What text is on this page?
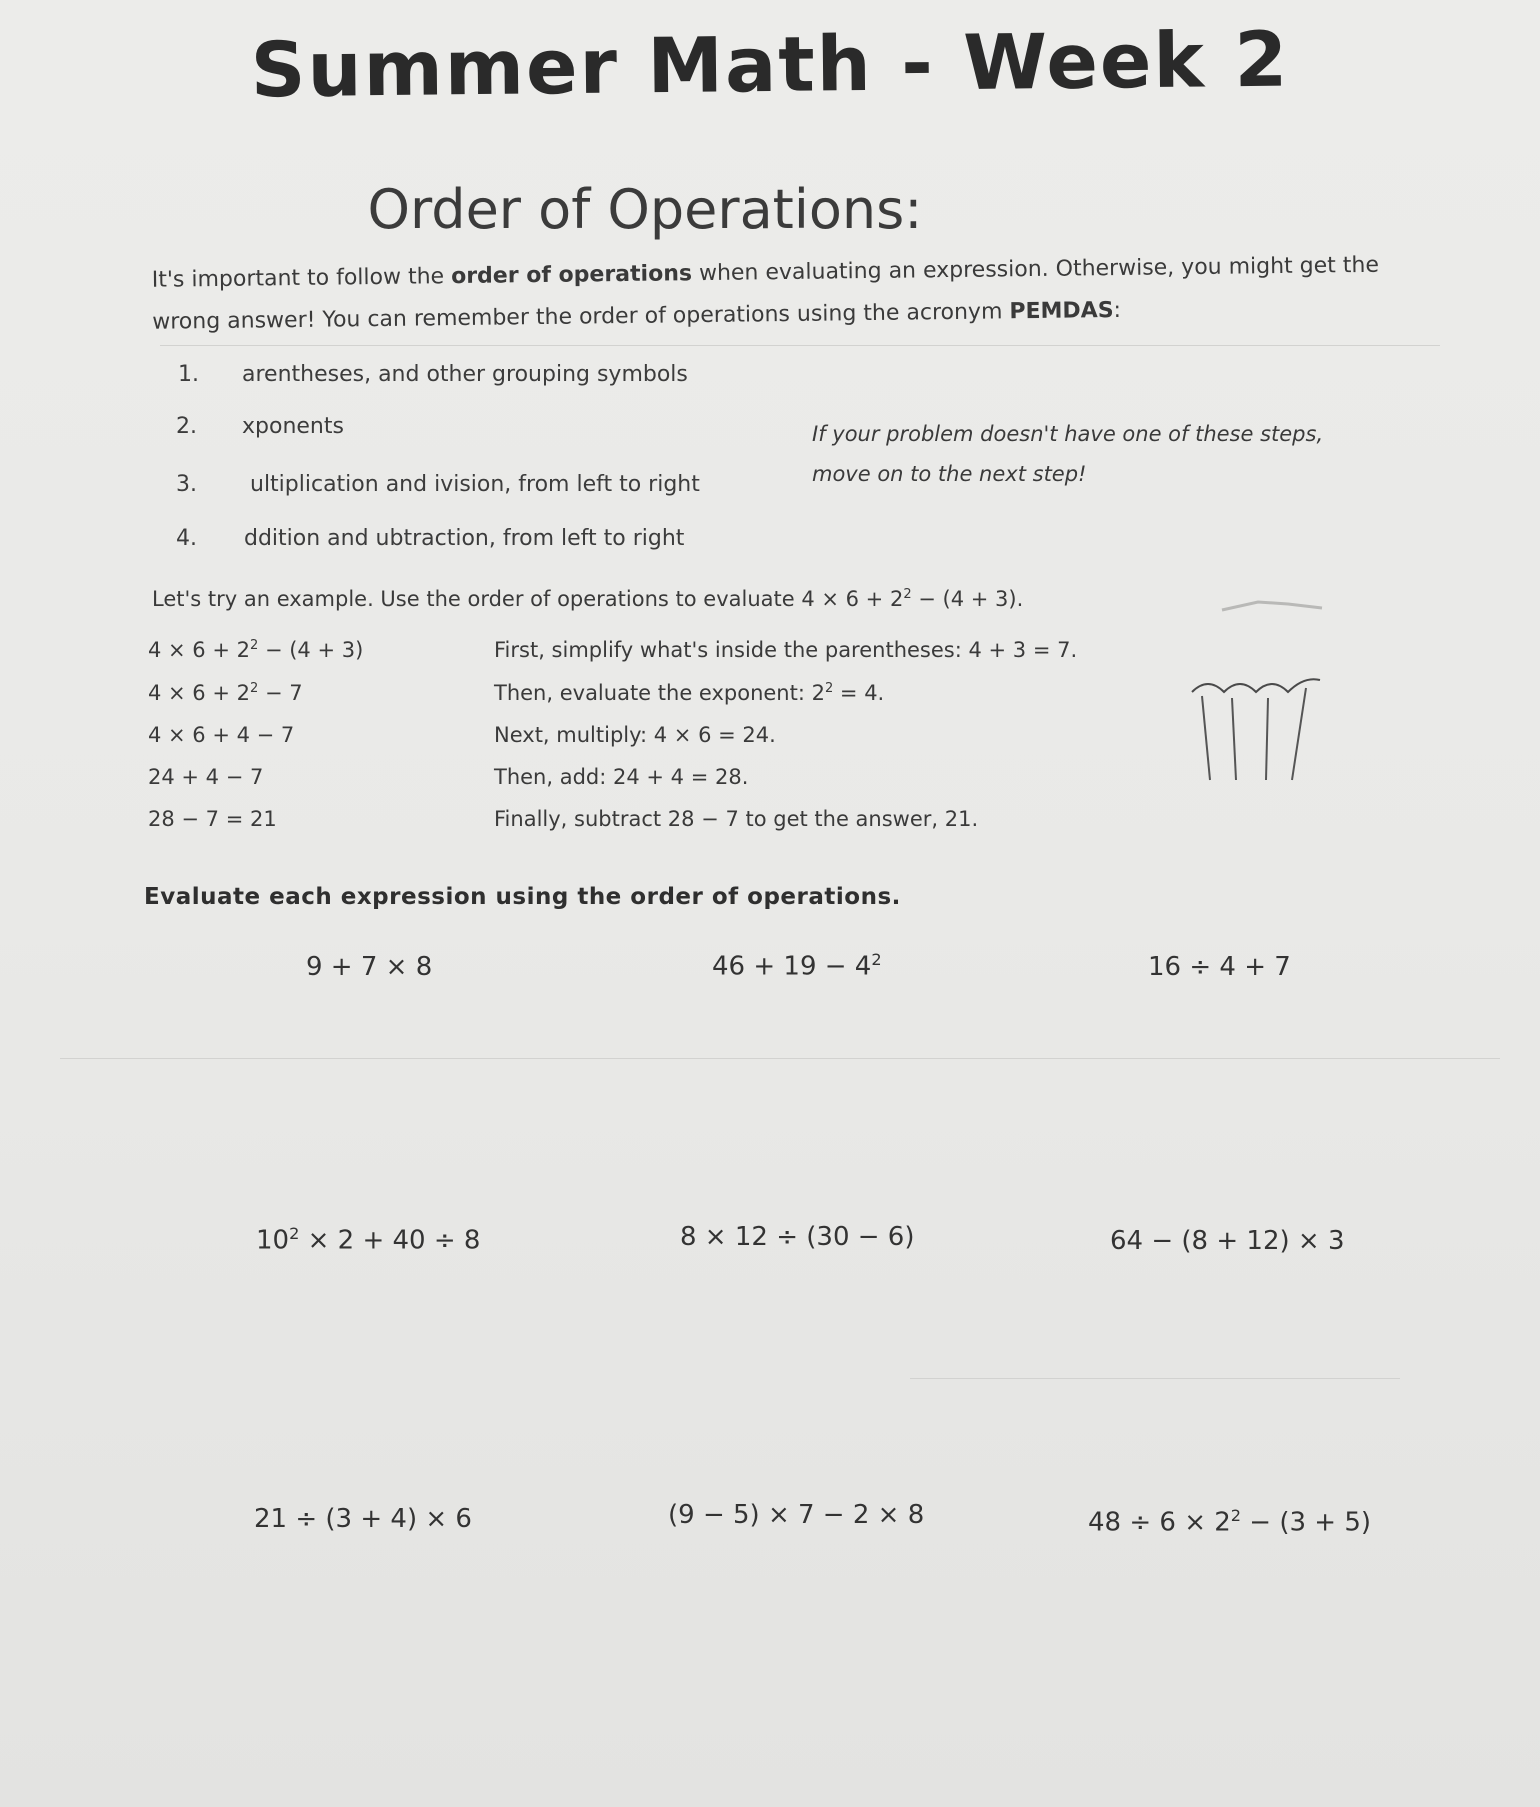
Summer Math - Week 2
Order of Operations:
It's important to follow the order of operations when evaluating an expression. Otherwise, you might get the wrong answer! You can remember the order of operations using the acronym PEMDAS:
1. arentheses, and other grouping symbols
2. xponents
3. ultiplication and ivision, from left to right
4. ddition and ubtraction, from left to right
If your problem doesn't have one of these steps,
move on to the next step!
Let's try an example. Use the order of operations to evaluate $4 \times 6 + 2^2 - (4 + 3)$.
$4 \times 6 + 2^2 - (4 + 3)$	First, simplify what's inside the parentheses: 4 + 3 = 7.
$4 \times 6 + 2^2 - 7$	Then, evaluate the exponent: $2^2 = 4$.
4 × 6 + 4 − 7	Next, multiply: 4 × 6 = 24.
24 + 4 − 7	Then, add: 24 + 4 = 28.
28 − 7 = 21	Finally, subtract 28 − 7 to get the answer, 21.
Evaluate each expression using the order of operations.
9 + 7 × 8	$46 + 19 - 4^2$	16 ÷ 4 + 7
$10^2 \times 2 + 40 \div 8$	8 × 12 ÷ (30 − 6)	64 − (8 + 12) × 3
21 ÷ (3 + 4) × 6	(9 − 5) × 7 − 2 × 8	$48 \div 6 \times 2^2 - (3 + 5)$
